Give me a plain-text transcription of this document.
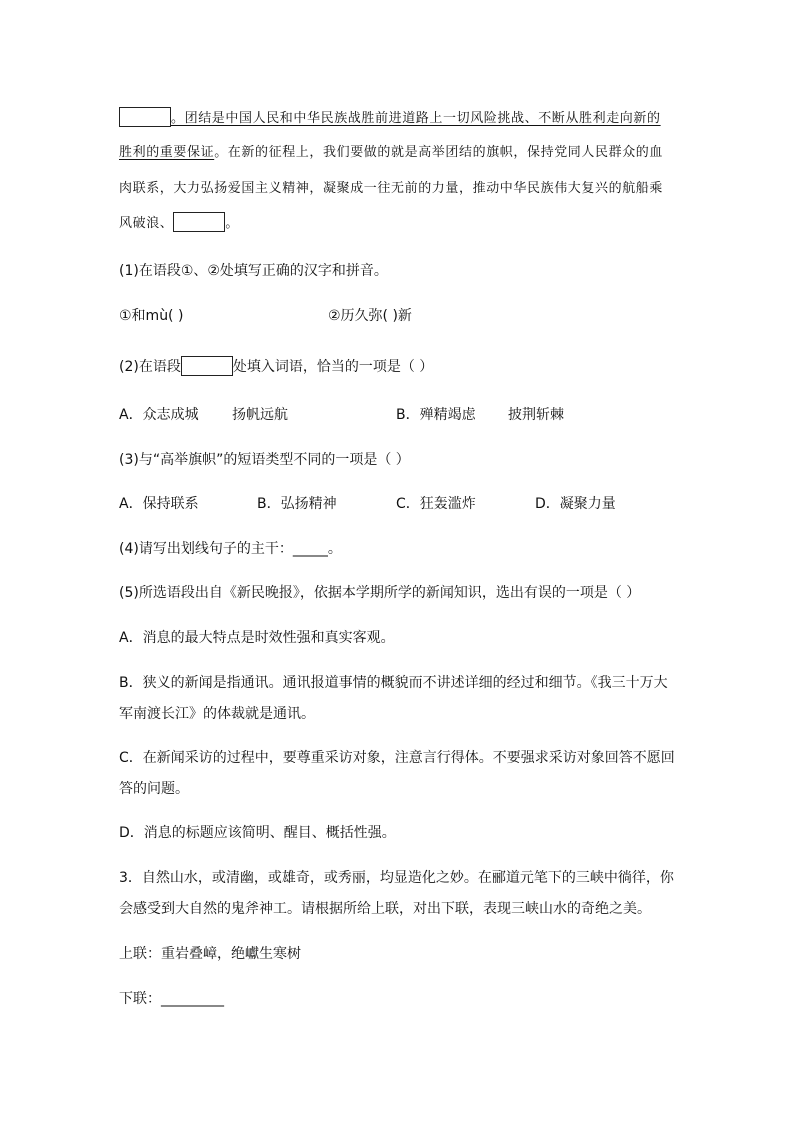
。团结是中国人民和中华民族战胜前进道路上一切风险挑战、不断从胜利走向新的
胜利的重要保证。在新的征程上，我们要做的就是高举团结的旗帜，保持党同人民群众的血
肉联系，大力弘扬爱国主义精神，凝聚成一往无前的力量，推动中华民族伟大复兴的航船乘
风破浪、	。
(1)在语段①、②处填写正确的汉字和拼音。
①和mù( )	②历久弥( )新
(2)在语段	处填入词语，恰当的一项是（ ）
A．众志成城 扬帆远航	B．殚精竭虑 披荆斩棘
(3)与“高举旗帜”的短语类型不同的一项是（ ）
A．保持联系	B．弘扬精神	C．狂轰滥炸	D．凝聚力量
(4)请写出划线句子的主干：_____。
(5)所选语段出自《新民晚报》，依据本学期所学的新闻知识，选出有误的一项是（ ）
A．消息的最大特点是时效性强和真实客观。
B．狭义的新闻是指通讯。通讯报道事情的概貌而不讲述详细的经过和细节。《我三十万大
军南渡长江》的体裁就是通讯。
C．在新闻采访的过程中，要尊重采访对象，注意言行得体。不要强求采访对象回答不愿回
答的问题。
D．消息的标题应该简明、醒目、概括性强。
3．自然山水，或清幽，或雄奇，或秀丽，均显造化之妙。在郦道元笔下的三峡中徜徉，你
会感受到大自然的鬼斧神工。请根据所给上联，对出下联，表现三峡山水的奇绝之美。
上联：重岩叠嶂，绝巘生寒树
下联：_________
